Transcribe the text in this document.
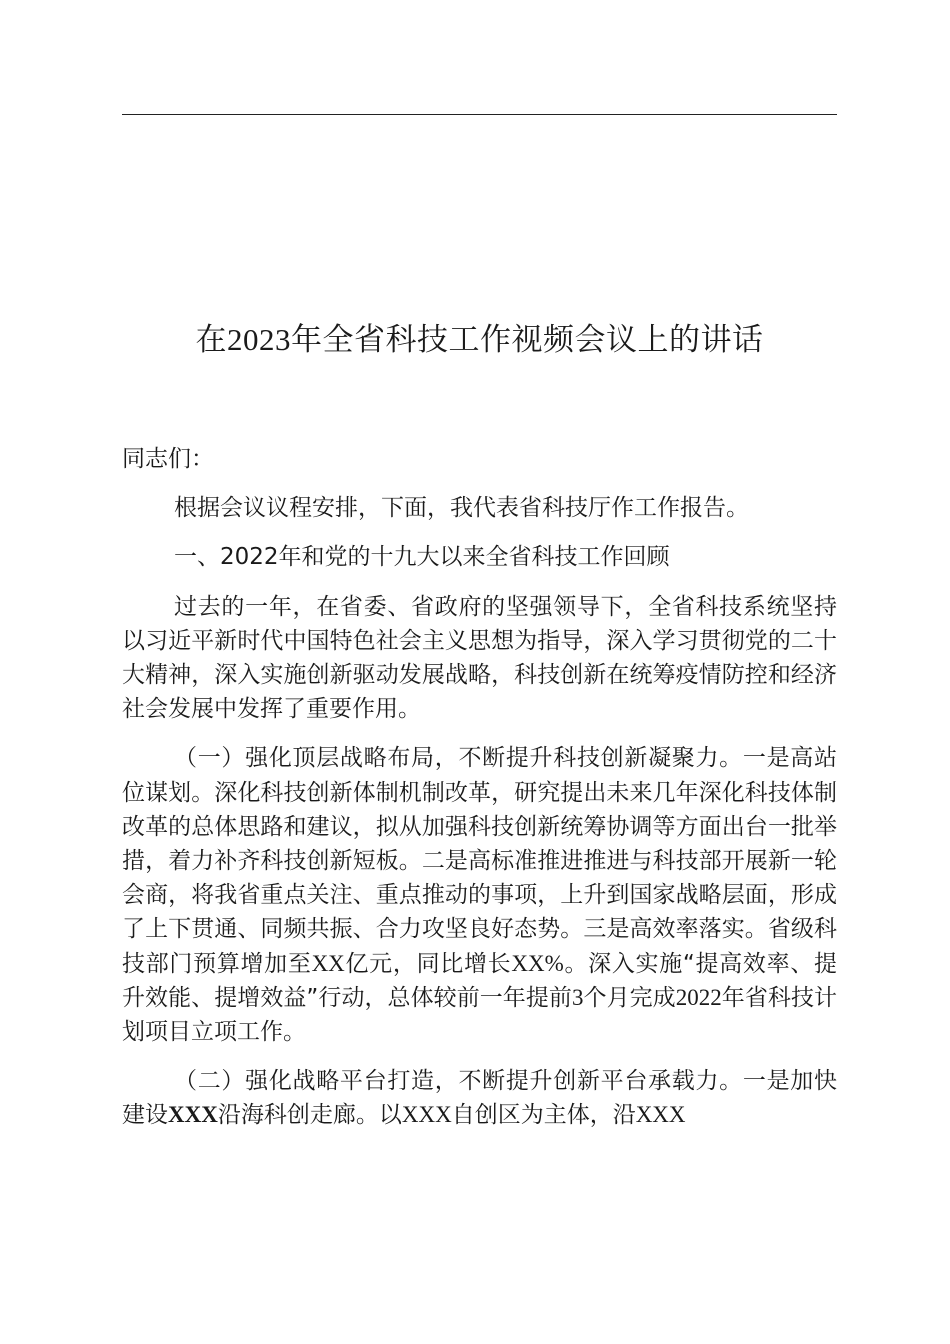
在2023年全省科技工作视频会议上的讲话

同志们：

根据会议议程安排，下面，我代表省科技厅作工作报告。

一、2022年和党的十九大以来全省科技工作回顾

过去的一年，在省委、省政府的坚强领导下，全省科技系统坚持以习近平新时代中国特色社会主义思想为指导，深入学习贯彻党的二十大精神，深入实施创新驱动发展战略，科技创新在统筹疫情防控和经济社会发展中发挥了重要作用。

（一）强化顶层战略布局，不断提升科技创新凝聚力。一是高站位谋划。深化科技创新体制机制改革，研究提出未来几年深化科技体制改革的总体思路和建议，拟从加强科技创新统筹协调等方面出台一批举措，着力补齐科技创新短板。二是高标准推进推进与科技部开展新一轮会商，将我省重点关注、重点推动的事项，上升到国家战略层面，形成了上下贯通、同频共振、合力攻坚良好态势。三是高效率落实。省级科技部门预算增加至XX亿元，同比增长XX%。深入实施“提高效率、提升效能、提增效益”行动，总体较前一年提前3个月完成2022年省科技计划项目立项工作。

（二）强化战略平台打造，不断提升创新平台承载力。一是加快建设XXX沿海科创走廊。以XXX自创区为主体，沿XXX
